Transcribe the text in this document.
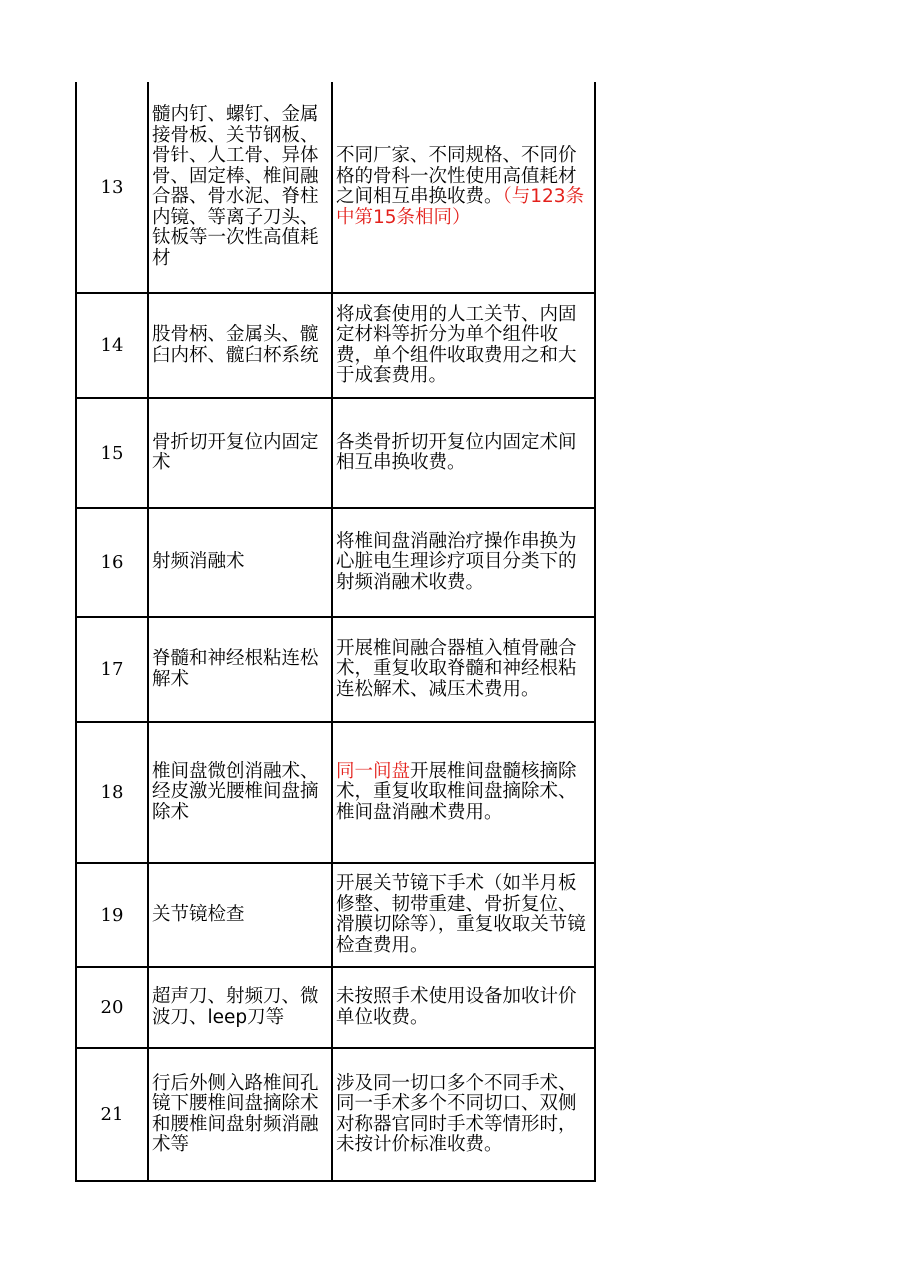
13
髓内钉、螺钉、金属接骨板、关节钢板、骨针、人工骨、异体骨、固定棒、椎间融合器、骨水泥、脊柱内镜、等离子刀头、钛板等一次性高值耗材
不同厂家、不同规格、不同价格的骨科一次性使用高值耗材之间相互串换收费。（与123条中第15条相同）
14
股骨柄、金属头、髋臼内杯、髋臼杯系统
将成套使用的人工关节、内固定材料等折分为单个组件收费，单个组件收取费用之和大于成套费用。
15
骨折切开复位内固定术
各类骨折切开复位内固定术间相互串换收费。
16	射频消融术
将椎间盘消融治疗操作串换为心脏电生理诊疗项目分类下的射频消融术收费。
17
脊髓和神经根粘连松解术
开展椎间融合器植入植骨融合术，重复收取脊髓和神经根粘连松解术、减压术费用。
18
椎间盘微创消融术、经皮激光腰椎间盘摘除术
同一间盘开展椎间盘髓核摘除术，重复收取椎间盘摘除术、椎间盘消融术费用。
19	关节镜检查
开展关节镜下手术（如半月板修整、韧带重建、骨折复位、滑膜切除等），重复收取关节镜检查费用。
20
超声刀、射频刀、微波刀、leep刀等
未按照手术使用设备加收计价单位收费。
21
行后外侧入路椎间孔镜下腰椎间盘摘除术和腰椎间盘射频消融术等
涉及同一切口多个不同手术、同一手术多个不同切口、双侧对称器官同时手术等情形时，未按计价标准收费。
